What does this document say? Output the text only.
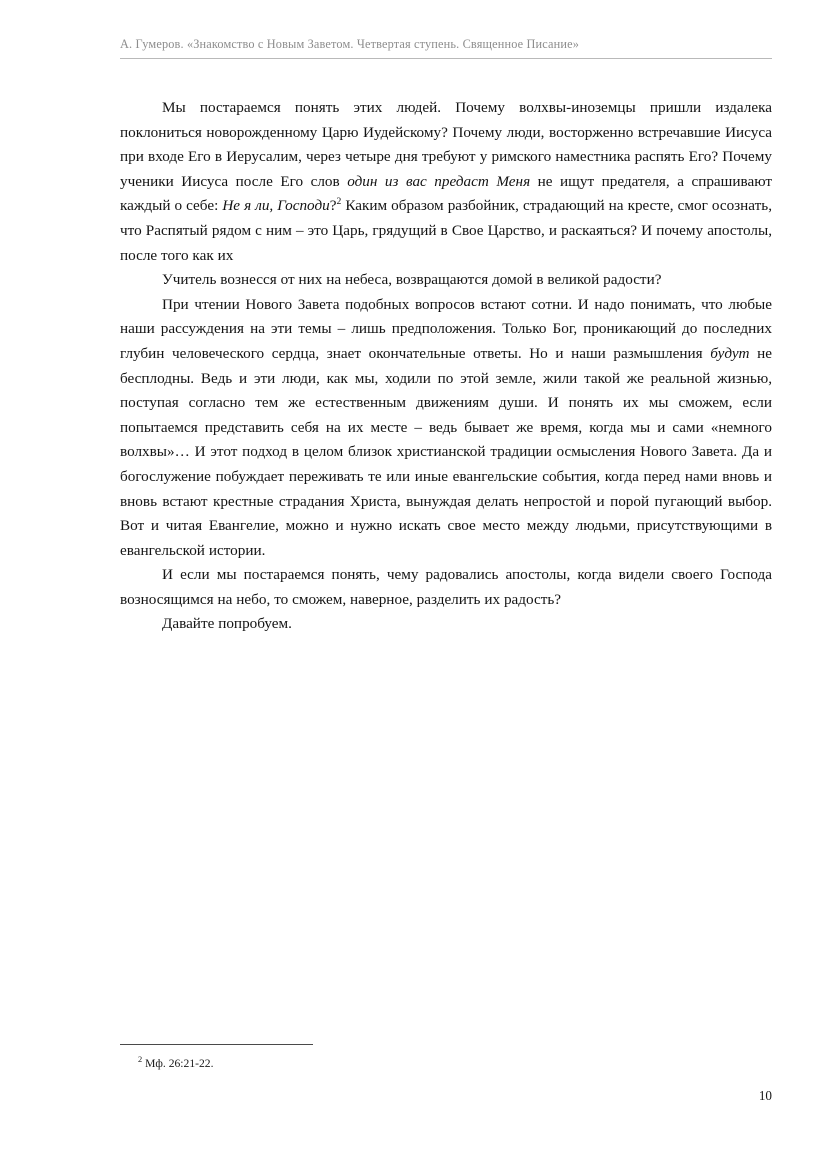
А. Гумеров. «Знакомство с Новым Заветом. Четвертая ступень. Священное Писание»

Мы постараемся понять этих людей. Почему волхвы-иноземцы пришли издалека поклониться новорожденному Царю Иудейскому? Почему люди, восторженно встречавшие Иисуса при входе Его в Иерусалим, через четыре дня требуют у римского наместника распять Его? Почему ученики Иисуса после Его слов один из вас предаст Меня не ищут предателя, а спрашивают каждый о себе: Не я ли, Господи?$^2$ Каким образом разбойник, страдающий на кресте, смог осознать, что Распятый рядом с ним – это Царь, грядущий в Свое Царство, и раскаяться? И почему апостолы, после того как их

Учитель вознесся от них на небеса, возвращаются домой в великой радости?

При чтении Нового Завета подобных вопросов встают сотни. И надо понимать, что любые наши рассуждения на эти темы – лишь предположения. Только Бог, проникающий до последних глубин человеческого сердца, знает окончательные ответы. Но и наши размышления будут не бесплодны. Ведь и эти люди, как мы, ходили по этой земле, жили такой же реальной жизнью, поступая согласно тем же естественным движениям души. И понять их мы сможем, если попытаемся представить себя на их месте – ведь бывает же время, когда мы и сами «немного волхвы»… И этот подход в целом близок христианской традиции осмысления Нового Завета. Да и богослужение побуждает переживать те или иные евангельские события, когда перед нами вновь и вновь встают крестные страдания Христа, вынуждая делать непростой и порой пугающий выбор. Вот и читая Евангелие, можно и нужно искать свое место между людьми, присутствующими в евангельской истории.

И если мы постараемся понять, чему радовались апостолы, когда видели своего Господа возносящимся на небо, то сможем, наверное, разделить их радость?

Давайте попробуем.

$^2$ Мф. 26:21-22.
10
